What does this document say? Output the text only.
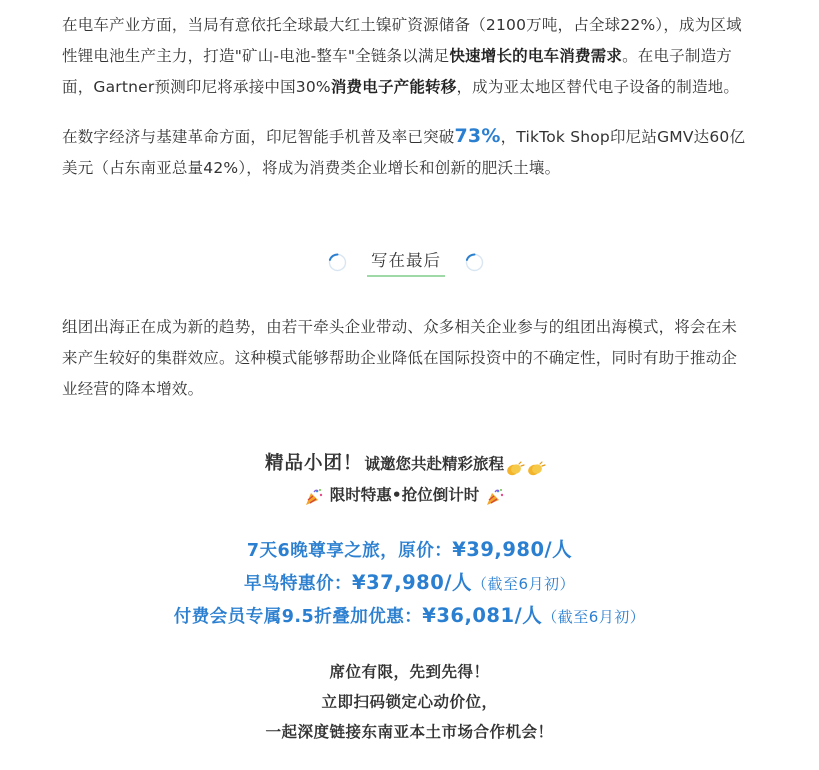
在电车产业方面，当局有意依托全球最大红土镍矿资源储备（2100万吨，占全球22%），成为区域性锂电池生产主力，打造"矿山-电池-整车"全链条以满足快速增长的电车消费需求。在电子制造方面，Gartner预测印尼将承接中国30%消费电子产能转移，成为亚太地区替代电子设备的制造地。

在数字经济与基建革命方面，印尼智能手机普及率已突破73%，TikTok Shop印尼站GMV达60亿美元（占东南亚总量42%），将成为消费类企业增长和创新的肥沃土壤。

写在最后

组团出海正在成为新的趋势，由若干牵头企业带动、众多相关企业参与的组团出海模式，将会在未来产生较好的集群效应。这种模式能够帮助企业降低在国际投资中的不确定性，同时有助于推动企业经营的降本增效。

精品小团！ 诚邀您共赴精彩旅程
限时特惠•抢位倒计时
7天6晚尊享之旅，原价：¥39,980/人
早鸟特惠价：¥37,980/人（截至6月初）
付费会员专属9.5折叠加优惠：¥36,081/人（截至6月初）
席位有限，先到先得！
立即扫码锁定心动价位，
一起深度链接东南亚本土市场合作机会！
